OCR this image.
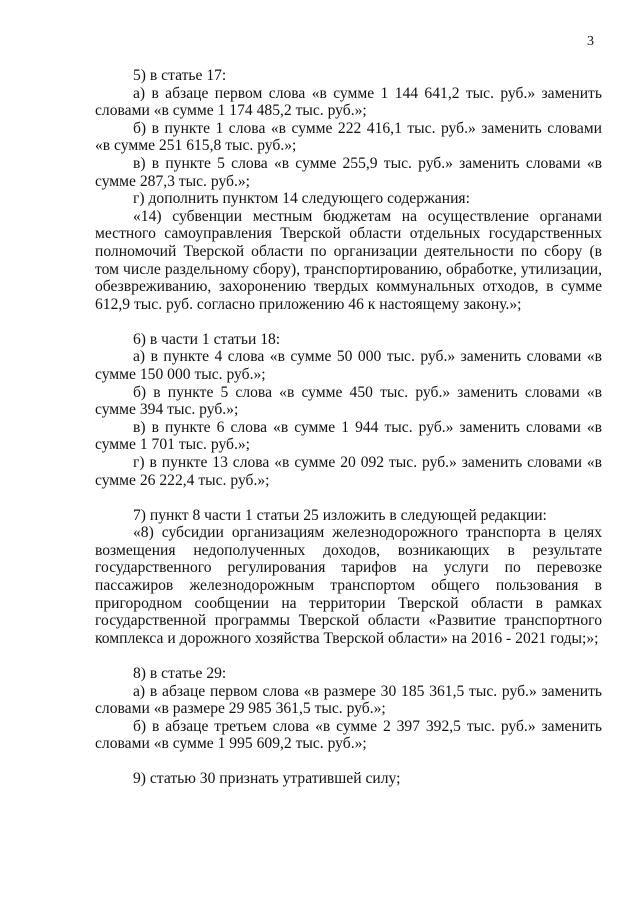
3

5) в статье 17:

а) в абзаце первом слова «в сумме 1 144 641,2 тыс. руб.» заменить словами «в сумме 1 174 485,2 тыс. руб.»;

б) в пункте 1 слова «в сумме 222 416,1 тыс. руб.» заменить словами «в сумме 251 615,8 тыс. руб.»;

в) в пункте 5 слова «в сумме 255,9 тыс. руб.» заменить словами «в сумме 287,3 тыс. руб.»;

г) дополнить пунктом 14 следующего содержания:

«14) субвенции местным бюджетам на осуществление органами местного самоуправления Тверской области отдельных государственных полномочий Тверской области по организации деятельности по сбору (в том числе раздельному сбору), транспортированию, обработке, утилизации, обезвреживанию, захоронению твердых коммунальных отходов, в сумме 612,9 тыс. руб. согласно приложению 46 к настоящему закону.»;

6) в части 1 статьи 18:

а) в пункте 4 слова «в сумме 50 000 тыс. руб.» заменить словами «в сумме 150 000 тыс. руб.»;

б) в пункте 5 слова «в сумме 450 тыс. руб.» заменить словами «в сумме 394 тыс. руб.»;

в) в пункте 6 слова «в сумме 1 944 тыс. руб.» заменить словами «в сумме 1 701 тыс. руб.»;

г) в пункте 13 слова «в сумме 20 092 тыс. руб.» заменить словами «в сумме 26 222,4 тыс. руб.»;

7) пункт 8 части 1 статьи 25 изложить в следующей редакции:

«8) субсидии организациям железнодорожного транспорта в целях возмещения недополученных доходов, возникающих в результате государственного регулирования тарифов на услуги по перевозке пассажиров железнодорожным транспортом общего пользования в пригородном сообщении на территории Тверской области в рамках государственной программы Тверской области «Развитие транспортного комплекса и дорожного хозяйства Тверской области» на 2016 - 2021 годы;»;

8) в статье 29:

а) в абзаце первом слова «в размере 30 185 361,5 тыс. руб.» заменить словами «в размере 29 985 361,5 тыс. руб.»;

б) в абзаце третьем слова «в сумме 2 397 392,5 тыс. руб.» заменить словами «в сумме 1 995 609,2 тыс. руб.»;

9) статью 30 признать утратившей силу;
